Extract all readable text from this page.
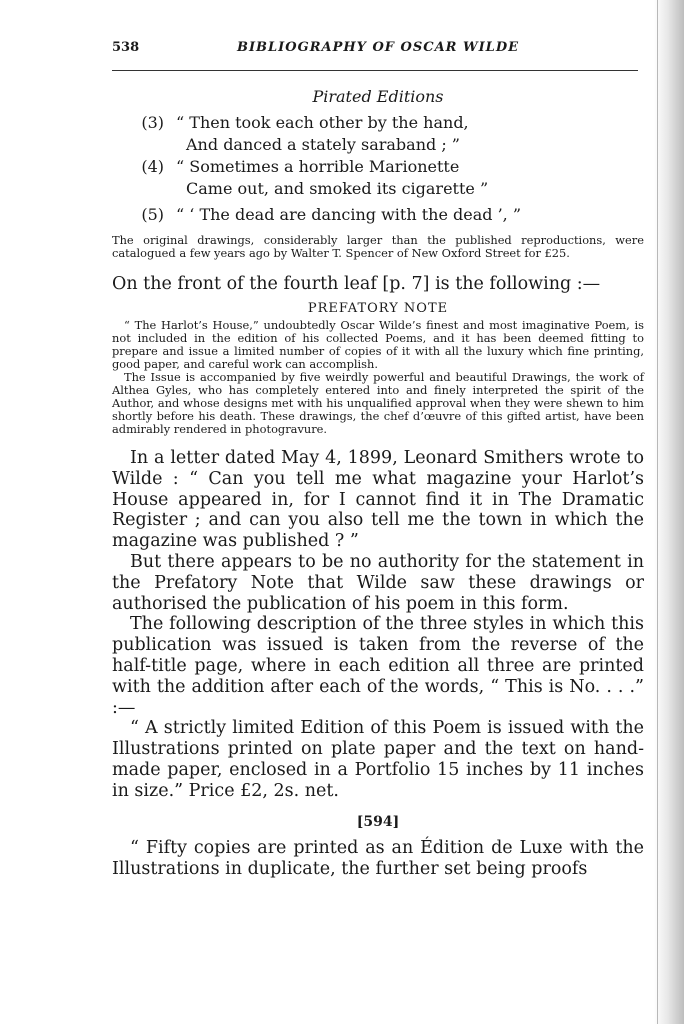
538	BIBLIOGRAPHY OF OSCAR WILDE
Pirated Editions
(3) “ Then took each other by the hand,
And danced a stately saraband ; ”
(4) “ Sometimes a horrible Marionette
Came out, and smoked its cigarette ”
(5) “ ‘ The dead are dancing with the dead ’, ”
The original drawings, considerably larger than the published reproductions, were catalogued a few years ago by Walter T. Spencer of New Oxford Street for £25.
On the front of the fourth leaf [p. 7] is the following :—
PREFATORY NOTE

“ The Harlot’s House,” undoubtedly Oscar Wilde’s finest and most imaginative Poem, is not included in the edition of his collected Poems, and it has been deemed fitting to prepare and issue a limited number of copies of it with all the luxury which fine printing, good paper, and careful work can accomplish.

The Issue is accompanied by five weirdly powerful and beautiful Drawings, the work of Althea Gyles, who has completely entered into and finely interpreted the spirit of the Author, and whose designs met with his unqualified approval when they were shewn to him shortly before his death. These drawings, the chef d’œuvre of this gifted artist, have been admirably rendered in photogravure.

In a letter dated May 4, 1899, Leonard Smithers wrote to Wilde : “ Can you tell me what magazine your Harlot’s House appeared in, for I cannot find it in The Dramatic Register ; and can you also tell me the town in which the magazine was published ? ”

But there appears to be no authority for the statement in the Prefatory Note that Wilde saw these drawings or authorised the publication of his poem in this form.

The following description of the three styles in which this publication was issued is taken from the reverse of the half-title page, where in each edition all three are printed with the addition after each of the words, “ This is No. . . .” :—

“ A strictly limited Edition of this Poem is issued with the Illustrations printed on plate paper and the text on hand-made paper, enclosed in a Portfolio 15 inches by 11 inches in size.” Price £2, 2s. net.

[594]

“ Fifty copies are printed as an Édition de Luxe with the Illustrations in duplicate, the further set being proofs
